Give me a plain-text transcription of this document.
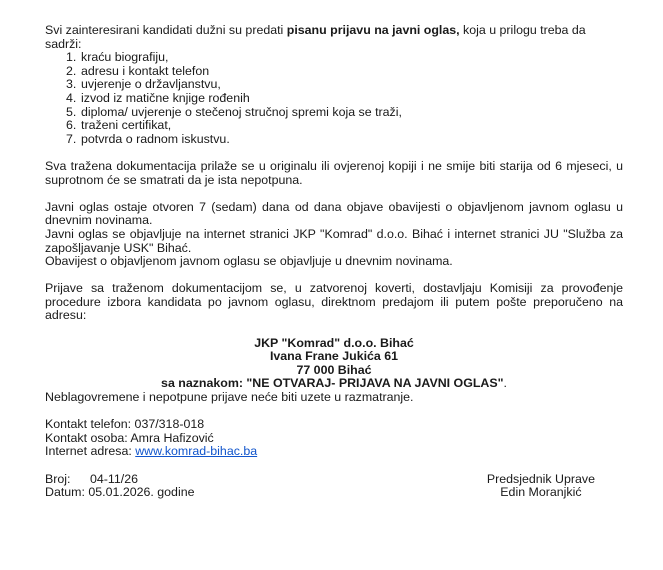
Svi zainteresirani kandidati dužni su predati pisanu prijavu na javni oglas, koja u prilogu treba da sadrži:

1. kraću biografiju,
2. adresu i kontakt telefon
3. uvjerenje o državljanstvu,
4. izvod iz matične knjige rođenih
5. diploma/ uvjerenje o stečenoj stručnoj spremi koja se traži,
6. traženi certifikat,
7. potvrda o radnom iskustvu.

Sva tražena dokumentacija prilaže se u originalu ili ovjerenoj kopiji i ne smije biti starija od 6 mjeseci, u suprotnom će se smatrati da je ista nepotpuna.

Javni oglas ostaje otvoren 7 (sedam) dana od dana objave obavijesti o objavljenom javnom oglasu u dnevnim novinama.

Javni oglas se objavljuje na internet stranici JKP "Komrad" d.o.o. Bihać i internet stranici JU "Služba za zapošljavanje USK" Bihać.

Obavijest o objavljenom javnom oglasu se objavljuje u dnevnim novinama.

Prijave sa traženom dokumentacijom se, u zatvorenoj koverti, dostavljaju Komisiji za provođenje procedure izbora kandidata po javnom oglasu, direktnom predajom ili putem pošte preporučeno na adresu:

JKP "Komrad" d.o.o. Bihać

Ivana Frane Jukića 61

77 000 Bihać

sa naznakom: "NE OTVARAJ- PRIJAVA NA JAVNI OGLAS".

Neblagovremene i nepotpune prijave neće biti uzete u razmatranje.

Kontakt telefon: 037/318-018

Kontakt osoba: Amra Hafizović

Internet adresa: www.komrad-bihac.ba

Broj: 04-11/26

Datum: 05.01.2026. godine

Predsjednik Uprave

Edin Moranjkić
